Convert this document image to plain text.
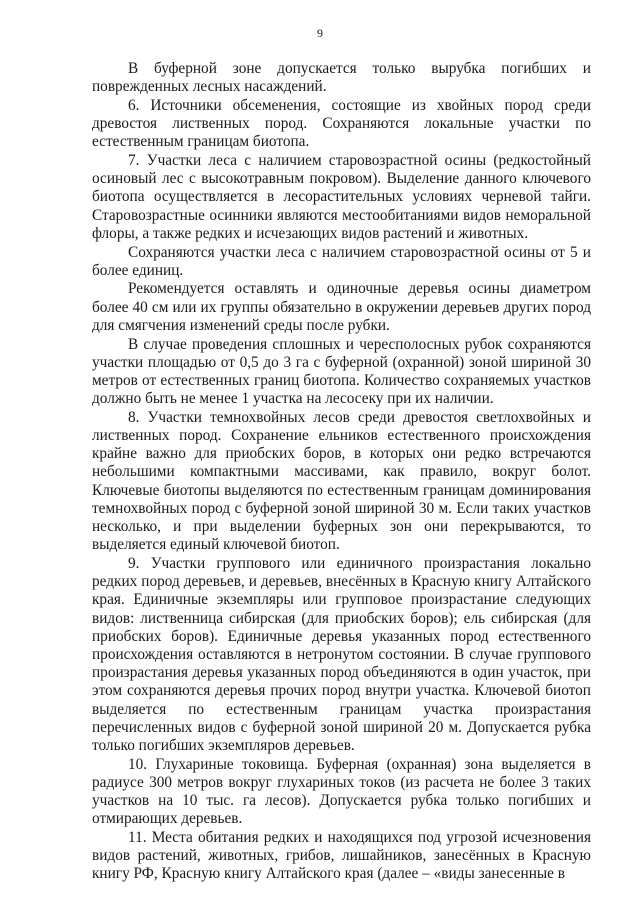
9

В буферной зоне допускается только вырубка погибших и поврежденных лесных насаждений.

6. Источники обсеменения, состоящие из хвойных пород среди древостоя лиственных пород. Сохраняются локальные участки по естественным границам биотопа.

7. Участки леса с наличием старовозрастной осины (редкостойный осиновый лес с высокотравным покровом). Выделение данного ключевого биотопа осуществляется в лесорастительных условиях черневой тайги. Старовозрастные осинники являются местообитаниями видов неморальной флоры, а также редких и исчезающих видов растений и животных.

Сохраняются участки леса с наличием старовозрастной осины от 5 и более единиц.

Рекомендуется оставлять и одиночные деревья осины диаметром более 40 см или их группы обязательно в окружении деревьев других пород для смягчения изменений среды после рубки.

В случае проведения сплошных и чересполосных рубок сохраняются участки площадью от 0,5 до 3 га с буферной (охранной) зоной шириной 30 метров от естественных границ биотопа. Количество сохраняемых участков должно быть не менее 1 участка на лесосеку при их наличии.

8. Участки темнохвойных лесов среди древостоя светлохвойных и лиственных пород. Сохранение ельников естественного происхождения крайне важно для приобских боров, в которых они редко встречаются небольшими компактными массивами, как правило, вокруг болот. Ключевые биотопы выделяются по естественным границам доминирования темнохвойных пород с буферной зоной шириной 30 м. Если таких участков несколько, и при выделении буферных зон они перекрываются, то выделяется единый ключевой биотоп.

9. Участки группового или единичного произрастания локально редких пород деревьев, и деревьев, внесённых в Красную книгу Алтайского края. Единичные экземпляры или групповое произрастание следующих видов: лиственница сибирская (для приобских боров); ель сибирская (для приобских боров). Единичные деревья указанных пород естественного происхождения оставляются в нетронутом состоянии. В случае группового произрастания деревья указанных пород объединяются в один участок, при этом сохраняются деревья прочих пород внутри участка. Ключевой биотоп выделяется по естественным границам участка произрастания перечисленных видов с буферной зоной шириной 20 м. Допускается рубка только погибших экземпляров деревьев.

10. Глухариные токовища. Буферная (охранная) зона выделяется в радиусе 300 метров вокруг глухариных токов (из расчета не более 3 таких участков на 10 тыс. га лесов). Допускается рубка только погибших и отмирающих деревьев.

11. Места обитания редких и находящихся под угрозой исчезновения видов растений, животных, грибов, лишайников, занесённых в Красную книгу РФ, Красную книгу Алтайского края (далее – «виды занесенные в
